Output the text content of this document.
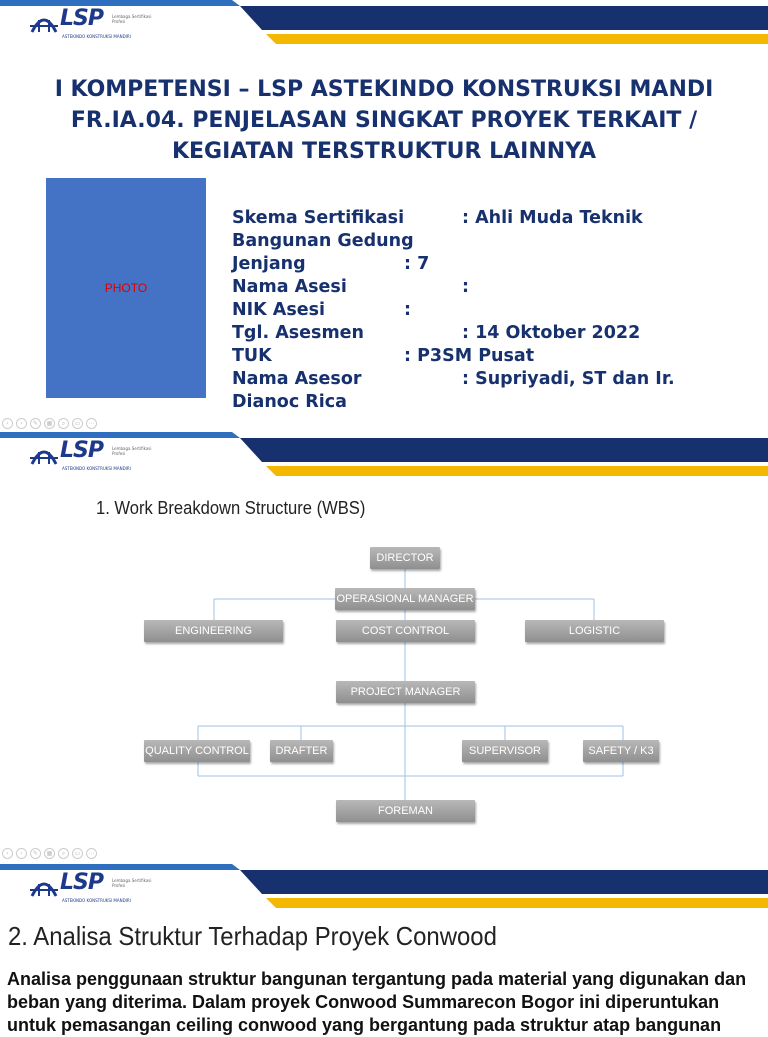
LSP Lembaga Sertifikasi Profesi
ASTEKINDO KONSTRUKSI MANDIRI
I KOMPETENSI – LSP ASTEKINDO KONSTRUKSI MANDI
FR.IA.04. PENJELASAN SINGKAT PROYEK TERKAIT /
KEGIATAN TERSTRUKTUR LAINNYA
PHOTO
Skema Sertifikasi	: Ahli Muda Teknik
Bangunan Gedung
Jenjang	: 7
Nama Asesi	:
NIK Asesi	:
Tgl. Asesmen	: 14 Oktober 2022
TUK	: P3SM Pusat
Nama Asesor	: Supriyadi, ST dan Ir.
Dianoc Rica
‹	›	✎	▦	⌕	▭	⋯
LSP Lembaga Sertifikasi Profesi
ASTEKINDO KONSTRUKSI MANDIRI
1. Work Breakdown Structure (WBS)
DIRECTOR
OPERASIONAL MANAGER
ENGINEERING	COST CONTROL	LOGISTIC
PROJECT MANAGER
QUALITY CONTROL	DRAFTER	SUPERVISOR	SAFETY / K3
FOREMAN
‹	›	✎	▦	⌕	▭	⋯
LSP Lembaga Sertifikasi Profesi
ASTEKINDO KONSTRUKSI MANDIRI
2. Analisa Struktur Terhadap Proyek Conwood
Analisa penggunaan struktur bangunan tergantung pada material yang digunakan dan
beban yang diterima. Dalam proyek Conwood Summarecon Bogor ini diperuntukan
untuk pemasangan ceiling conwood yang bergantung pada struktur atap bangunan
